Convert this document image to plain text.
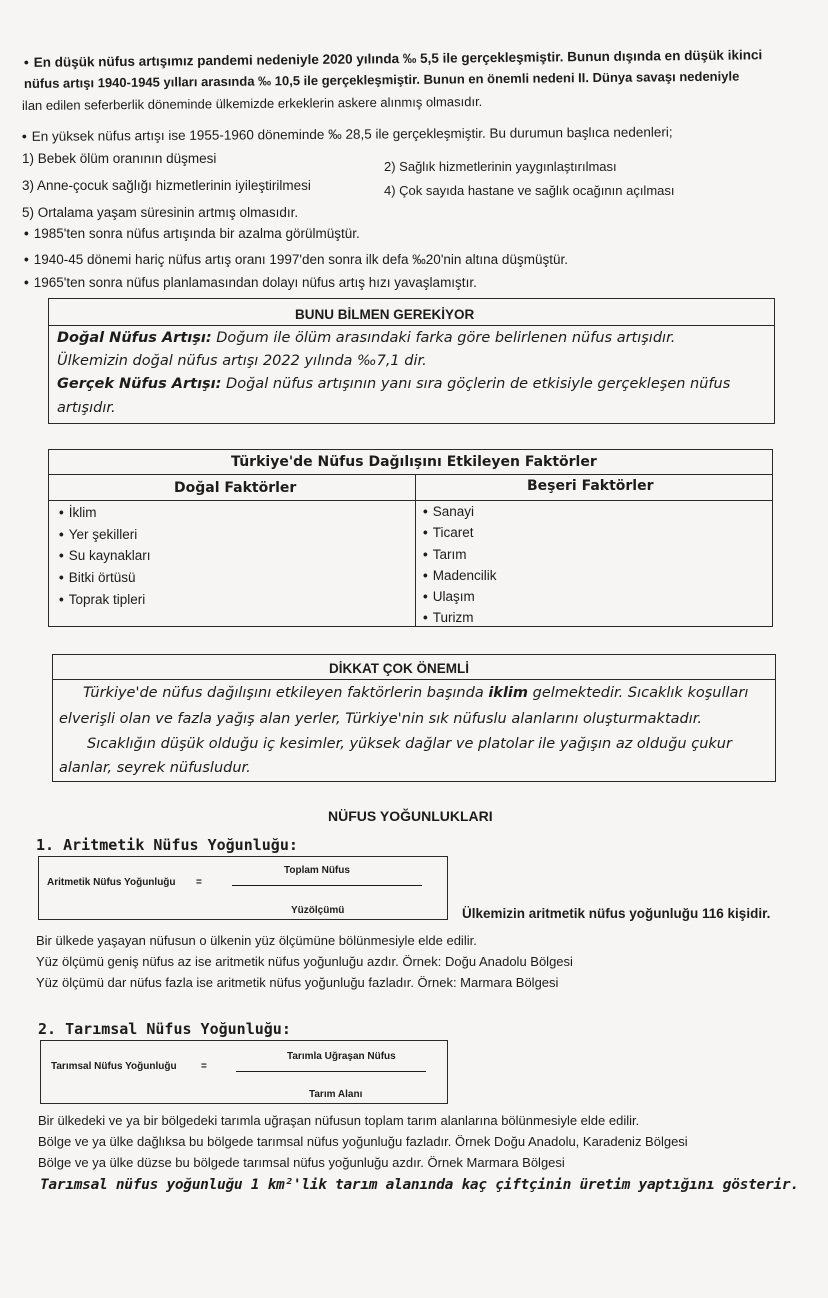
• En düşük nüfus artışımız pandemi nedeniyle 2020 yılında ‰ 5,5 ile gerçekleşmiştir. Bunun dışında en düşük ikinci
nüfus artışı 1940-1945 yılları arasında ‰ 10,5 ile gerçekleşmiştir. Bunun en önemli nedeni II. Dünya savaşı nedeniyle
ilan edilen seferberlik döneminde ülkemizde erkeklerin askere alınmış olmasıdır.
• En yüksek nüfus artışı ise 1955-1960 döneminde ‰ 28,5 ile gerçekleşmiştir. Bu durumun başlıca nedenleri;
1) Bebek ölüm oranının düşmesi
2) Sağlık hizmetlerinin yaygınlaştırılması
3) Anne-çocuk sağlığı hizmetlerinin iyileştirilmesi	4) Çok sayıda hastane ve sağlık ocağının açılması
5) Ortalama yaşam süresinin artmış olmasıdır.
• 1985'ten sonra nüfus artışında bir azalma görülmüştür.
• 1940-45 dönemi hariç nüfus artış oranı 1997'den sonra ilk defa ‰20'nin altına düşmüştür.
• 1965'ten sonra nüfus planlamasından dolayı nüfus artış hızı yavaşlamıştır.
BUNU BİLMEN GEREKİYOR
Doğal Nüfus Artışı: Doğum ile ölüm arasındaki farka göre belirlenen nüfus artışıdır.
Ülkemizin doğal nüfus artışı 2022 yılında ‰7,1 dir.
Gerçek Nüfus Artışı: Doğal nüfus artışının yanı sıra göçlerin de etkisiyle gerçekleşen nüfus
artışıdır.
Türkiye'de Nüfus Dağılışını Etkileyen Faktörler
Doğal Faktörler	Beşeri Faktörler
• İklim
• Yer şekilleri
• Su kaynakları
• Bitki örtüsü
• Toprak tipleri
• Sanayi
• Ticaret
• Tarım
• Madencilik
• Ulaşım
• Turizm
DİKKAT ÇOK ÖNEMLİ
Türkiye'de nüfus dağılışını etkileyen faktörlerin başında iklim gelmektedir. Sıcaklık koşulları
elverişli olan ve fazla yağış alan yerler, Türkiye'nin sık nüfuslu alanlarını oluşturmaktadır.
Sıcaklığın düşük olduğu iç kesimler, yüksek dağlar ve platolar ile yağışın az olduğu çukur
alanlar, seyrek nüfusludur.
NÜFUS YOĞUNLUKLARI
1. Aritmetik Nüfus Yoğunluğu:
Aritmetik Nüfus Yoğunluğu =
Toplam Nüfus
Yüzölçümü	Ülkemizin aritmetik nüfus yoğunluğu 116 kişidir.
Bir ülkede yaşayan nüfusun o ülkenin yüz ölçümüne bölünmesiyle elde edilir.
Yüz ölçümü geniş nüfus az ise aritmetik nüfus yoğunluğu azdır. Örnek: Doğu Anadolu Bölgesi
Yüz ölçümü dar nüfus fazla ise aritmetik nüfus yoğunluğu fazladır. Örnek: Marmara Bölgesi
2. Tarımsal Nüfus Yoğunluğu:
Tarımsal Nüfus Yoğunluğu =
Tarımla Uğraşan Nüfus
Tarım Alanı
Bir ülkedeki ve ya bir bölgedeki tarımla uğraşan nüfusun toplam tarım alanlarına bölünmesiyle elde edilir.
Bölge ve ya ülke dağlıksa bu bölgede tarımsal nüfus yoğunluğu fazladır. Örnek Doğu Anadolu, Karadeniz Bölgesi
Bölge ve ya ülke düzse bu bölgede tarımsal nüfus yoğunluğu azdır. Örnek Marmara Bölgesi
Tarımsal nüfus yoğunluğu 1 km²'lik tarım alanında kaç çiftçinin üretim yaptığını gösterir.
